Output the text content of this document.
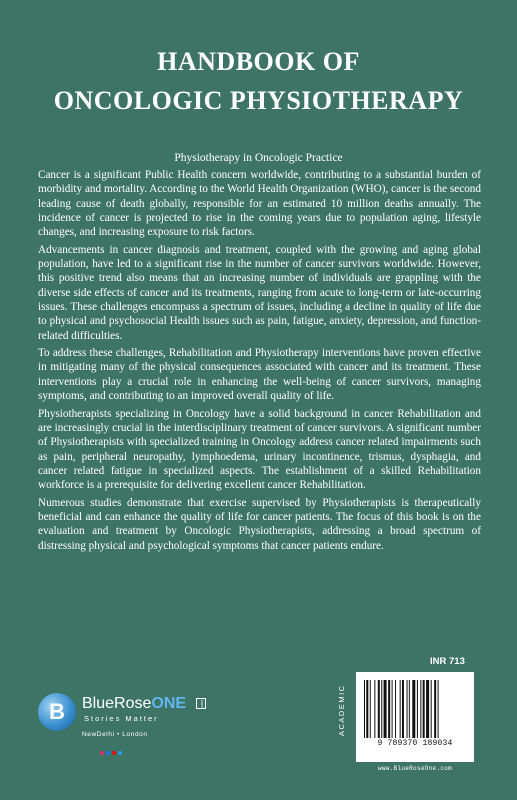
HANDBOOK OF
ONCOLOGIC PHYSIOTHERAPY
Physiotherapy in Oncologic Practice

Cancer is a significant Public Health concern worldwide, contributing to a substantial burden of morbidity and mortality. According to the World Health Organization (WHO), cancer is the second leading cause of death globally, responsible for an estimated 10 million deaths annually. The incidence of cancer is projected to rise in the coming years due to population aging, lifestyle changes, and increasing exposure to risk factors.

Advancements in cancer diagnosis and treatment, coupled with the growing and aging global population, have led to a significant rise in the number of cancer survivors worldwide. However, this positive trend also means that an increasing number of individuals are grappling with the diverse side effects of cancer and its treatments, ranging from acute to long-term or late-occurring issues. These challenges encompass a spectrum of issues, including a decline in quality of life due to physical and psychosocial Health issues such as pain, fatigue, anxiety, depression, and function-related difficulties.

To address these challenges, Rehabilitation and Physiotherapy interventions have proven effective in mitigating many of the physical consequences associated with cancer and its treatment. These interventions play a crucial role in enhancing the well-being of cancer survivors, managing symptoms, and contributing to an improved overall quality of life.

Physiotherapists specializing in Oncology have a solid background in cancer Rehabilitation and are increasingly crucial in the interdisciplinary treatment of cancer survivors. A significant number of Physiotherapists with specialized training in Oncology address cancer related impairments such as pain, peripheral neuropathy, lymphoedema, urinary incontinence, trismus, dysphagia, and cancer related fatigue in specialized aspects. The establishment of a skilled Rehabilitation workforce is a prerequisite for delivering excellent cancer Rehabilitation.

Numerous studies demonstrate that exercise supervised by Physiotherapists is therapeutically beneficial and can enhance the quality of life for cancer patients. The focus of this book is on the evaluation and treatment by Oncologic Physiotherapists, addressing a broad spectrum of distressing physical and psychological symptoms that cancer patients endure.

B	BlueRoseONE	.com
Stories Matter
NewDelhi • London
INR 713
ACADEMIC
9 789370 189034
www.BlueRoseOne.com
